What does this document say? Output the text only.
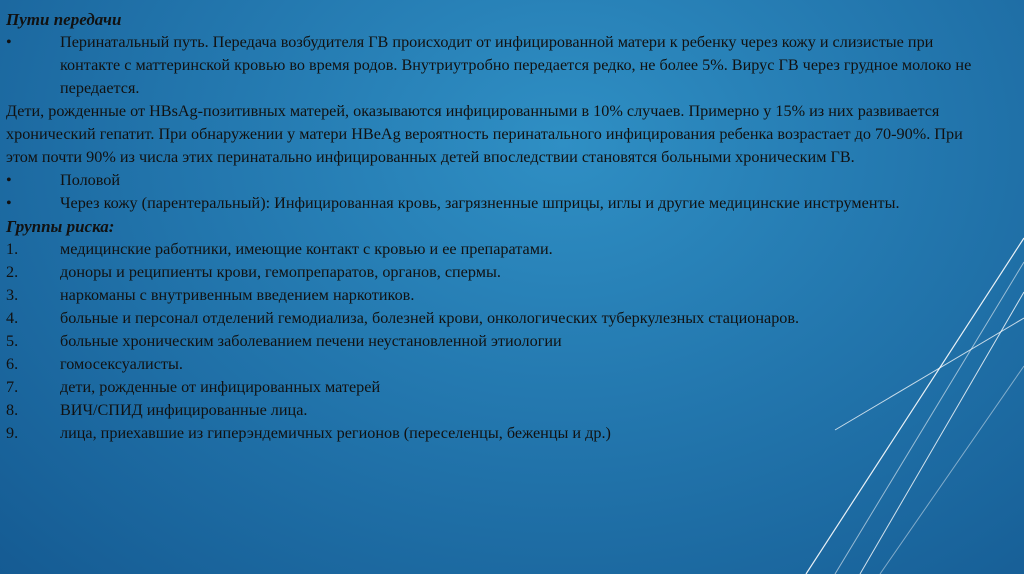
Пути передачи
•	Перинатальный путь. Передача возбудителя ГВ происходит от инфицированной матери к ребенку через кожу и слизистые при контакте с маттеринской кровью во время родов. Внутриутробно передается редко, не более 5%. Вирус ГВ через грудное молоко не передается.
Дети, рожденные от HBsAg-позитивных матерей, оказываются инфицированными в 10% случаев. Примерно у 15% из них развивается хронический гепатит. При обнаружении у матери HBeAg вероятность перинатального инфицирования ребенка возрастает до 70-90%. При этом почти 90% из числа этих перинатально инфицированных детей впоследствии становятся больными хроническим ГВ.
•	Половой
•	Через кожу (парентеральный): Инфицированная кровь, загрязненные шприцы, иглы и другие медицинские инструменты.
Группы риска:
1.	медицинские работники, имеющие контакт с кровью и ее препаратами.
2.	доноры и реципиенты крови, гемопрепаратов, органов, спермы.
3.	наркоманы с внутривенным введением наркотиков.
4.	больные и персонал отделений гемодиализа, болезней крови, онкологических туберкулезных стационаров.
5.	больные хроническим заболеванием печени неустановленной этиологии
6.	гомосексуалисты.
7.	дети, рожденные от инфицированных матерей
8.	ВИЧ/СПИД инфицированные лица.
9.	лица, приехавшие из гиперэндемичных регионов (переселенцы, беженцы и др.)
